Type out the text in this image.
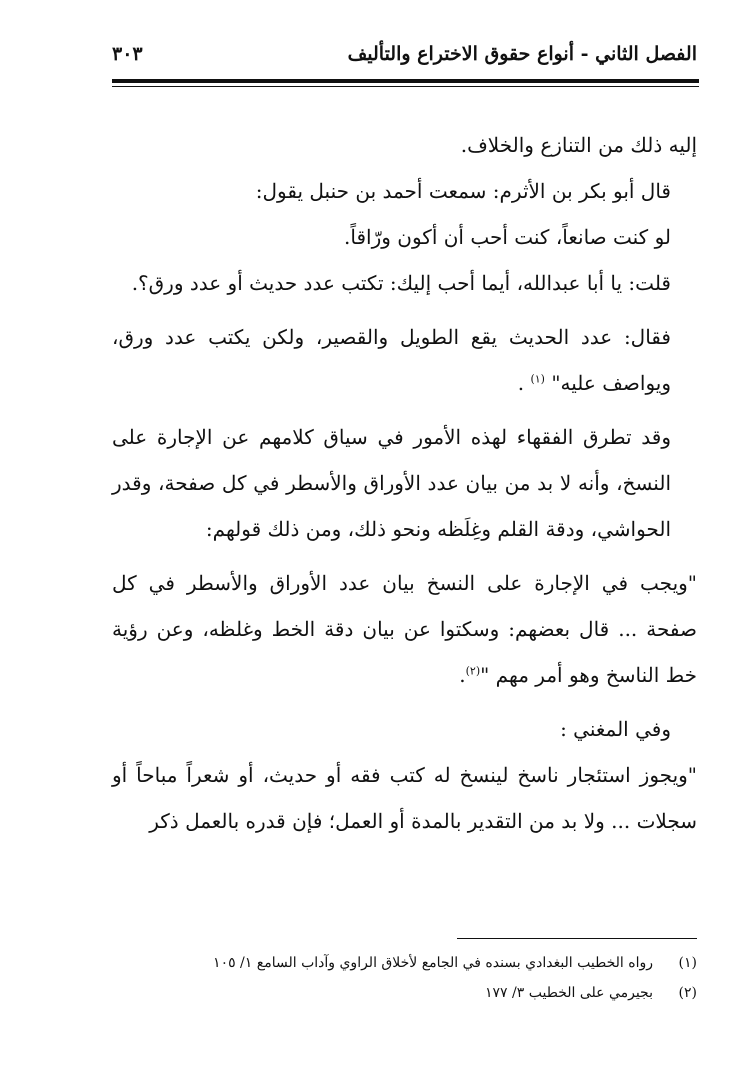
الفصل الثاني - أنواع حقوق الاختراع والتأليف
٣٠٣

إليه ذلك من التنازع والخلاف.

قال أبو بكر بن الأثرم: سمعت أحمد بن حنبل يقول:

لو كنت صانعاً، كنت أحب أن أكون ورّاقاً.

قلت: يا أبا عبدالله، أيما أحب إليك: تكتب عدد حديث أو عدد ورق؟.

فقال: عدد الحديث يقع الطويل والقصير، ولكن يكتب عدد ورق، ويواصف عليه" $^{(١)}$ .

وقد تطرق الفقهاء لهذه الأمور في سياق كلامهم عن الإجارة على النسخ، وأنه لا بد من بيان عدد الأوراق والأسطر في كل صفحة، وقدر الحواشي، ودقة القلم وغِلَظه ونحو ذلك، ومن ذلك قولهم:

"ويجب في الإجارة على النسخ بيان عدد الأوراق والأسطر في كل صفحة ... قال بعضهم: وسكتوا عن بيان دقة الخط وغلظه، وعن رؤية خط الناسخ وهو أمر مهم "$^{(٢)}$.

وفي المغني :

"ويجوز استئجار ناسخ لينسخ له كتب فقه أو حديث، أو شعراً مباحاً أو سجلات ... ولا بد من التقدير بالمدة أو العمل؛ فإن قدره بالعمل ذكر

(١)
رواه الخطيب البغدادي بسنده في الجامع لأخلاق الراوي وآداب السامع ١/ ١٠٥
(٢)
بجيرمي على الخطيب ٣/ ١٧٧
